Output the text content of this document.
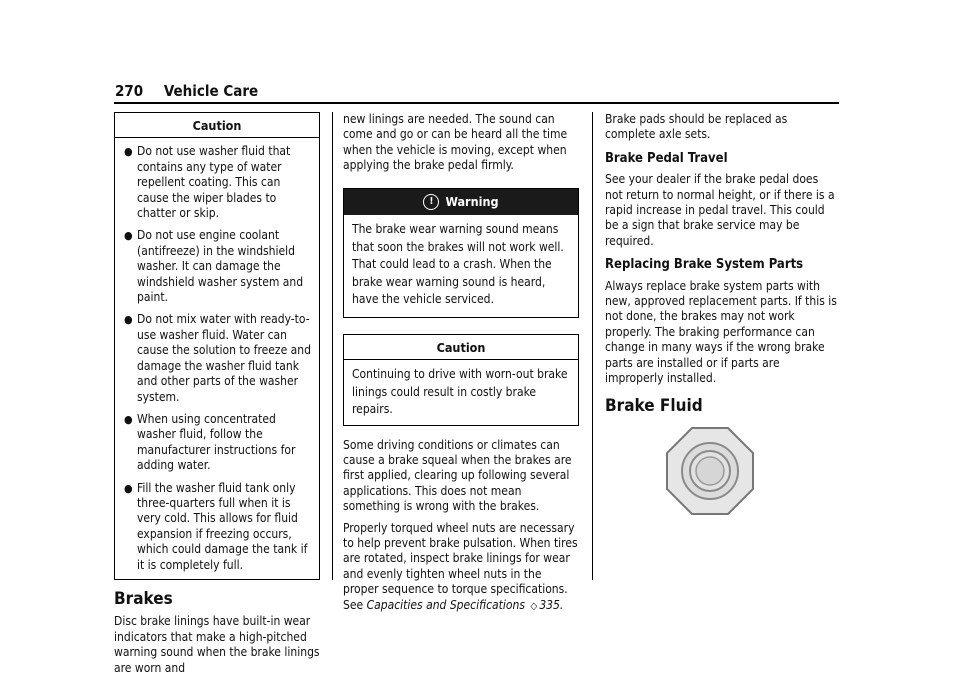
270 Vehicle Care
Caution
● Do not use washer fluid that contains any type of water repellent coating. This can cause the wiper blades to chatter or skip.
● Do not use engine coolant (antifreeze) in the windshield washer. It can damage the windshield washer system and paint.
● Do not mix water with ready-to-use washer fluid. Water can cause the solution to freeze and damage the washer fluid tank and other parts of the washer system.
● When using concentrated washer fluid, follow the manufacturer instructions for adding water.
● Fill the washer fluid tank only three-quarters full when it is very cold. This allows for fluid expansion if freezing occurs, which could damage the tank if it is completely full.
Brakes

Disc brake linings have built-in wear indicators that make a high-pitched warning sound when the brake linings are worn and

new linings are needed. The sound can come and go or can be heard all the time when the vehicle is moving, except when applying the brake pedal firmly.

! Warning
The brake wear warning sound means that soon the brakes will not work well. That could lead to a crash. When the brake wear warning sound is heard, have the vehicle serviced.
Caution
Continuing to drive with worn-out brake linings could result in costly brake repairs.

Some driving conditions or climates can cause a brake squeal when the brakes are first applied, clearing up following several applications. This does not mean something is wrong with the brakes.

Properly torqued wheel nuts are necessary to help prevent brake pulsation. When tires are rotated, inspect brake linings for wear and evenly tighten wheel nuts in the proper sequence to torque specifications. See Capacities and Specifications ◇ 335.

Brake pads should be replaced as complete axle sets.

Brake Pedal Travel

See your dealer if the brake pedal does not return to normal height, or if there is a rapid increase in pedal travel. This could be a sign that brake service may be required.

Replacing Brake System Parts

Always replace brake system parts with new, approved replacement parts. If this is not done, the brakes may not work properly. The braking performance can change in many ways if the wrong brake parts are installed or if parts are improperly installed.

Brake Fluid
